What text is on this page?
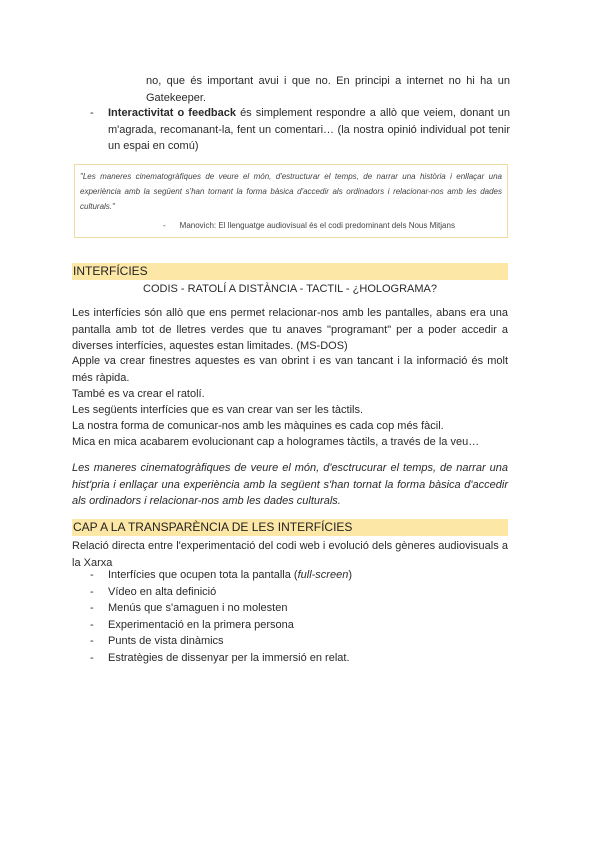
no, que és important avui i que no. En principi a internet no hi ha un Gatekeeper.

- Interactivitat o feedback és simplement respondre a allò que veiem, donant un m'agrada, recomanant-la, fent un comentari… (la nostra opinió individual pot tenir un espai en comú)
"Les maneres cinematogràfiques de veure el món, d'estructurar el temps, de narrar una història i enllaçar una experiència amb la següent s'han tornant la forma bàsica d'accedir als ordinadors i relacionar-nos amb les dades culturals."
- Manovich: El llenguatge audiovisual és el codi predominant dels Nous Mitjans
INTERFÍCIES
CODIS - RATOLÍ A DISTÀNCIA - TACTIL - ¿HOLOGRAMA?

Les interfícies són allò que ens permet relacionar-nos amb les pantalles, abans era una pantalla amb tot de lletres verdes que tu anaves "programant" per a poder accedir a diverses interfícies, aquestes estan limitades. (MS-DOS)

Apple va crear finestres aquestes es van obrint i es van tancant i la informació és molt més ràpida.

També es va crear el ratolí.

Les següents interfícies que es van crear van ser les tàctils.

La nostra forma de comunicar-nos amb les màquines es cada cop més fàcil.

Mica en mica acabarem evolucionant cap a hologrames tàctils, a través de la veu…

Les maneres cinematogràfiques de veure el món, d'esctrucurar el temps, de narrar una hist'pria i enllaçar una experiència amb la següent s'han tornat la forma bàsica d'accedir als ordinadors i relacionar-nos amb les dades culturals.

CAP A LA TRANSPARÈNCIA DE LES INTERFÍCIES

Relació directa entre l'experimentació del codi web i evolució dels gèneres audiovisuals a la Xarxa

- Interfícies que ocupen tota la pantalla (full-screen)
- Vídeo en alta definició
- Menús que s'amaguen i no molesten
- Experimentació en la primera persona
- Punts de vista dinàmics
- Estratègies de dissenyar per la immersió en relat.
